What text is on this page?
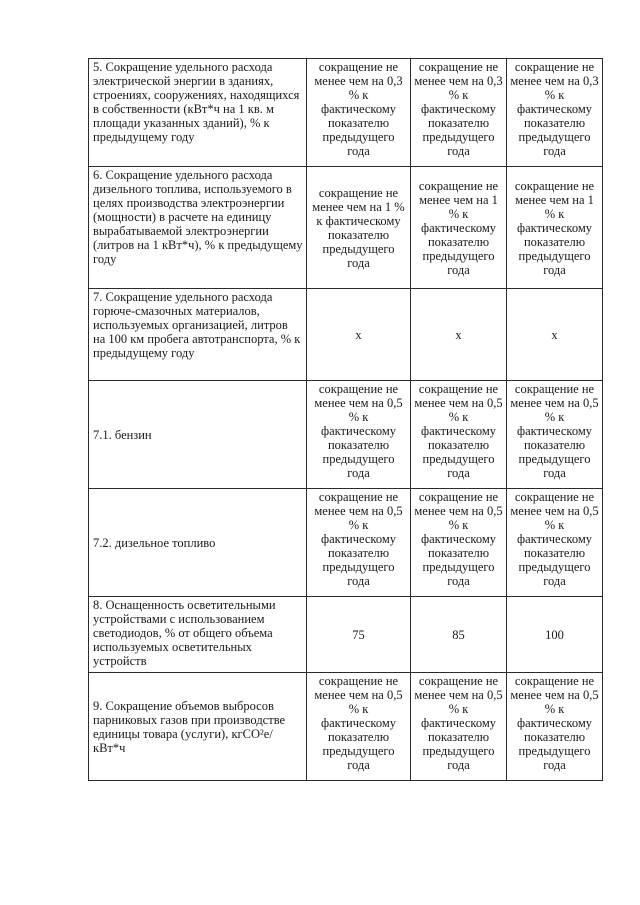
5. Сокращение удельного расхода электрической энергии в зданиях, строениях, сооружениях, находящихся в собственности (кВт*ч на 1 кв. м площади указанных зданий), % к предыдущему году	сокращение не менее чем на 0,3 % к фактическому показателю предыдущего года	сокращение не менее чем на 0,3 % к фактическому показателю предыдущего года	сокращение не менее чем на 0,3 % к фактическому показателю предыдущего года
6. Сокращение удельного расхода дизельного топлива, используемого в целях производства электроэнергии (мощности) в расчете на единицу вырабатываемой электроэнергии (литров на 1 кВт*ч), % к предыдущему году	сокращение не менее чем на 1 % к фактическому показателю предыдущего года	сокращение не менее чем на 1 % к фактическому показателю предыдущего года	сокращение не менее чем на 1 % к фактическому показателю предыдущего года
7. Сокращение удельного расхода горюче-смазочных материалов, используемых организацией, литров на 100 км пробега автотранспорта, % к предыдущему году	х	х	х
7.1. бензин	сокращение не менее чем на 0,5 % к фактическому показателю предыдущего года	сокращение не менее чем на 0,5 % к фактическому показателю предыдущего года	сокращение не менее чем на 0,5 % к фактическому показателю предыдущего года
7.2. дизельное топливо	сокращение не менее чем на 0,5 % к фактическому показателю предыдущего года	сокращение не менее чем на 0,5 % к фактическому показателю предыдущего года	сокращение не менее чем на 0,5 % к фактическому показателю предыдущего года
8. Оснащенность осветительными устройствами с использованием светодиодов, % от общего объема используемых осветительных устройств	75	85	100
9. Сокращение объемов выбросов парниковых газов при производстве единицы товара (услуги), кгСО²е/кВт*ч	сокращение не менее чем на 0,5 % к фактическому показателю предыдущего года	сокращение не менее чем на 0,5 % к фактическому показателю предыдущего года	сокращение не менее чем на 0,5 % к фактическому показателю предыдущего года
